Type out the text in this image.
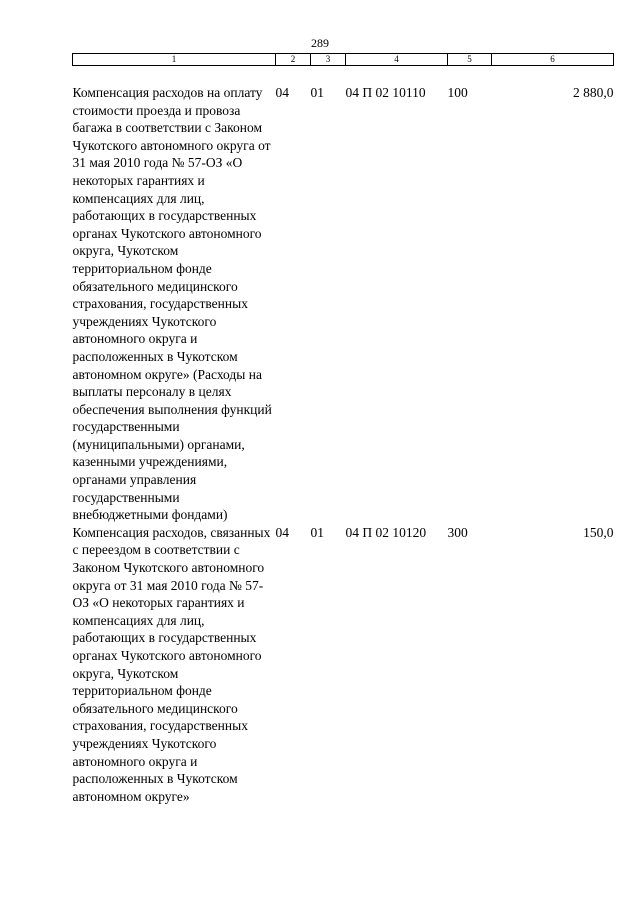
289
1	2	3	4	5	6
Компенсация расходов на оплату стоимости проезда и провоза багажа в соответствии с Законом Чукотского автономного округа от 31 мая 2010 года № 57-ОЗ «О некоторых гарантиях и компенсациях для лиц, работающих в государственных органах Чукотского автономного округа, Чукотском территориальном фонде обязательного медицинского страхования, государственных учреждениях Чукотского автономного округа и расположенных в Чукотском автономном округе» (Расходы на выплаты персоналу в целях обеспечения выполнения функций государственными (муниципальными) органами, казенными учреждениями, органами управления государственными внебюджетными фондами)	04	01	04 П 02 10110	100	2 880,0
Компенсация расходов, связанных с переездом в соответствии с Законом Чукотского автономного округа от 31 мая 2010 года № 57-ОЗ «О некоторых гарантиях и компенсациях для лиц, работающих в государственных органах Чукотского автономного округа, Чукотском территориальном фонде обязательного медицинского страхования, государственных учреждениях Чукотского автономного округа и расположенных в Чукотском автономном округе»	04	01	04 П 02 10120	300	150,0
